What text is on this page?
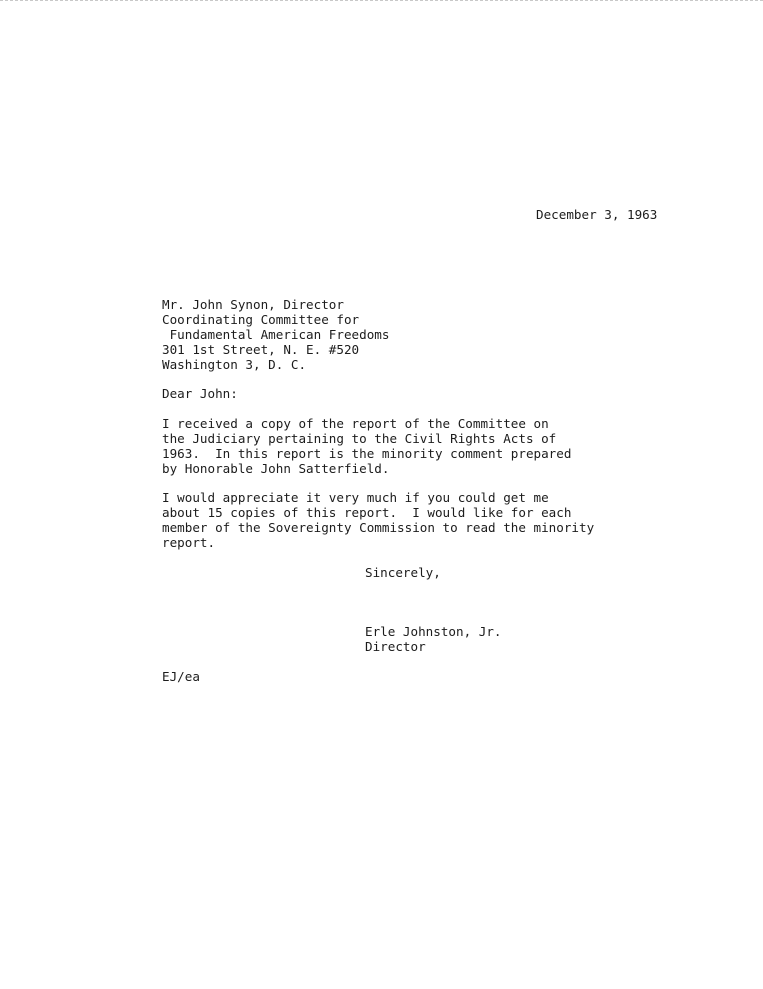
December 3, 1963
Mr. John Synon, Director
Coordinating Committee for
Fundamental American Freedoms
301 1st Street, N. E. #520
Washington 3, D. C.
Dear John:
I received a copy of the report of the Committee on
the Judiciary pertaining to the Civil Rights Acts of
1963.  In this report is the minority comment prepared
by Honorable John Satterfield.
I would appreciate it very much if you could get me
about 15 copies of this report.  I would like for each
member of the Sovereignty Commission to read the minority
report.
Sincerely,
Erle Johnston, Jr.
Director
EJ/ea
